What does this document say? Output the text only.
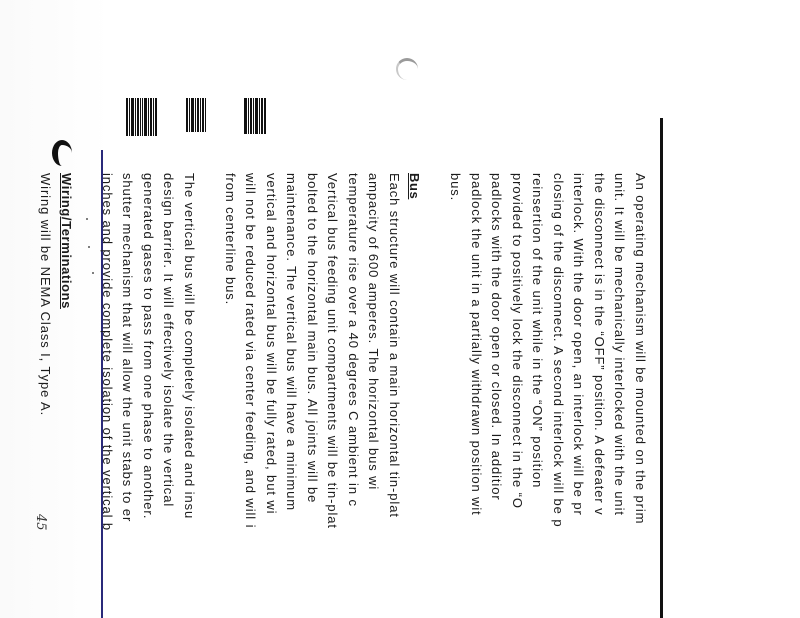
45	An operating mechanism will be mounted on the prim
unit. It will be mechanically interlocked with the unit
the disconnect is in the “OFF” position. A defeater v
interlock. With the door open, an interlock will be pr
closing of the disconnect. A second interlock will be p
reinsertion of the unit while in the “ON” position
provided to positively lock the disconnect in the “O
padlocks with the door open or closed. In additior
padlock the unit in a partially withdrawn position wit
bus.

Bus

Each structure will contain a main horizontal tin-plat
ampacity of 600 amperes. The horizontal bus wi
temperature rise over a 40 degrees C ambient in c
Vertical bus feeding unit compartments will be tin-plat
bolted to the horizontal main bus. All joints will be
maintenance. The vertical bus will have a minimum
vertical and horizontal bus will be fully rated, but wi
will not be reduced rated via center feeding, and will i
from centerline bus.

The vertical bus will be completely isolated and insu
design barrier. It will effectively isolate the vertical
generated gases to pass from one phase to another.
shutter mechanism that will allow the unit stabs to er
inches and provide complete isolation of the vertical b

Wiring/Terminations

Wiring will be NEMA Class I, Type A.
